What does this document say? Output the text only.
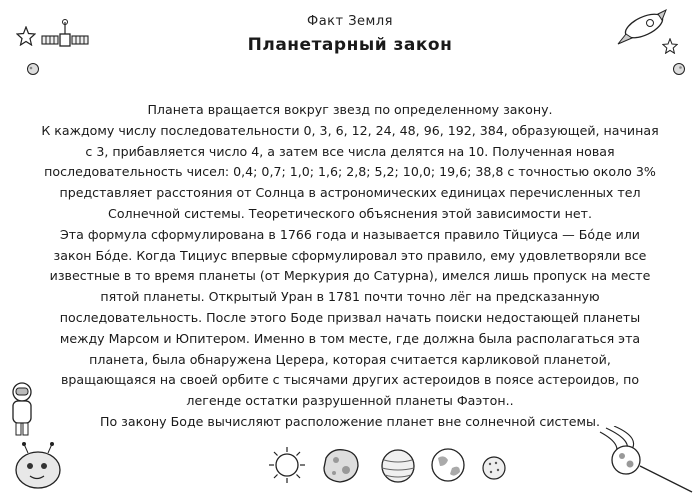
Факт Земля
Планетарный закон

Планета вращается вокруг звезд по определенному закону.

К каждому числу последовательности 0, 3, 6, 12, 24, 48, 96, 192, 384, образующей, начиная с 3, прибавляется число 4, а затем все числа делятся на 10. Полученная новая последовательность чисел: 0,4; 0,7; 1,0; 1,6; 2,8; 5,2; 10,0; 19,6; 38,8 с точностью около 3% представляет расстояния от Солнца в астрономических единицах перечисленных тел Солнечной системы. Теоретического объяснения этой зависимости нет.

Эта формула сформулирована в 1766 года и называется правило Тйциуса — Бóде или закон Бóде. Когда Тициус впервые сформулировал это правило, ему удовлетворяли все известные в то время планеты (от Меркурия до Сатурна), имелся лишь пропуск на месте пятой планеты. Открытый Уран в 1781 почти точно лёг на предсказанную последовательность. После этого Боде призвал начать поиски недостающей планеты между Марсом и Юпитером. Именно в том месте, где должна была располагаться эта планета, была обнаружена Церера, которая считается карликовой планетой, вращающаяся на своей орбите с тысячами других астероидов в поясе астероидов, по легенде остатки разрушенной планеты Фаэтон..

По закону Боде вычисляют расположение планет вне солнечной системы.
